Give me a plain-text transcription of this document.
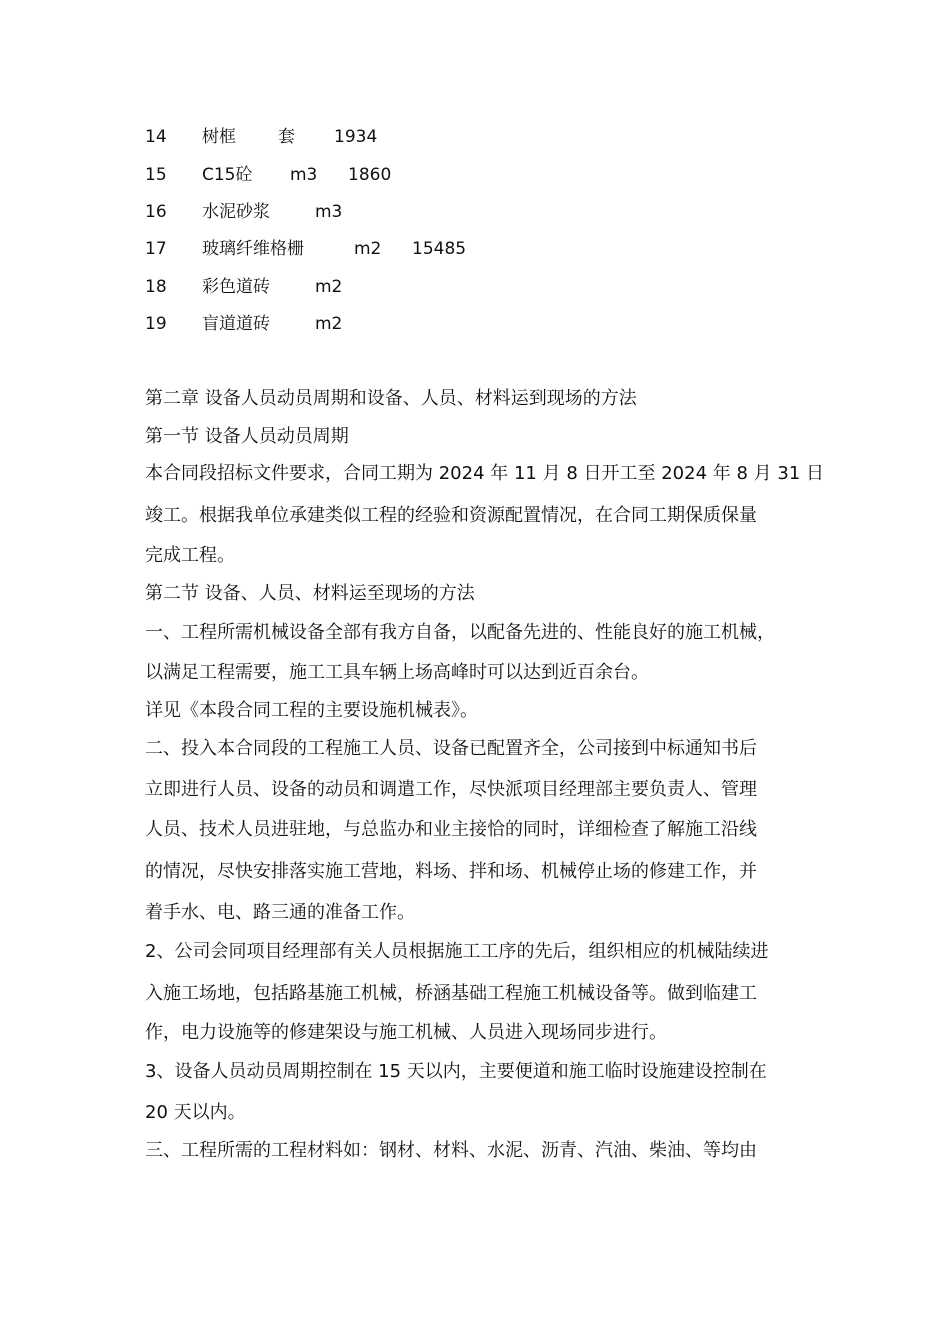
14 树框 套 1934
15 C15砼 m3 1860
16 水泥砂浆	m3
17 玻璃纤维格栅	m2 15485
18 彩色道砖	m2
19 盲道道砖	m2
第二章 设备人员动员周期和设备、人员、材料运到现场的方法
第一节 设备人员动员周期
本合同段招标文件要求，合同工期为 2024 年 11 月 8 日开工至 2024 年 8 月 31 日
竣工。根据我单位承建类似工程的经验和资源配置情况，在合同工期保质保量
完成工程。
第二节 设备、人员、材料运至现场的方法
一、工程所需机械设备全部有我方自备，以配备先进的、性能良好的施工机械，
以满足工程需要，施工工具车辆上场高峰时可以达到近百余台。
详见《本段合同工程的主要设施机械表》。
二、投入本合同段的工程施工人员、设备已配置齐全，公司接到中标通知书后
立即进行人员、设备的动员和调遣工作，尽快派项目经理部主要负责人、管理
人员、技术人员进驻地，与总监办和业主接恰的同时，详细检查了解施工沿线
的情况，尽快安排落实施工营地，料场、拌和场、机械停止场的修建工作，并
着手水、电、路三通的准备工作。
2、公司会同项目经理部有关人员根据施工工序的先后，组织相应的机械陆续进
入施工场地，包括路基施工机械，桥涵基础工程施工机械设备等。做到临建工
作，电力设施等的修建架设与施工机械、人员进入现场同步进行。
3、设备人员动员周期控制在 15 天以内，主要便道和施工临时设施建设控制在
20 天以内。
三、工程所需的工程材料如：钢材、材料、水泥、沥青、汽油、柴油、等均由
